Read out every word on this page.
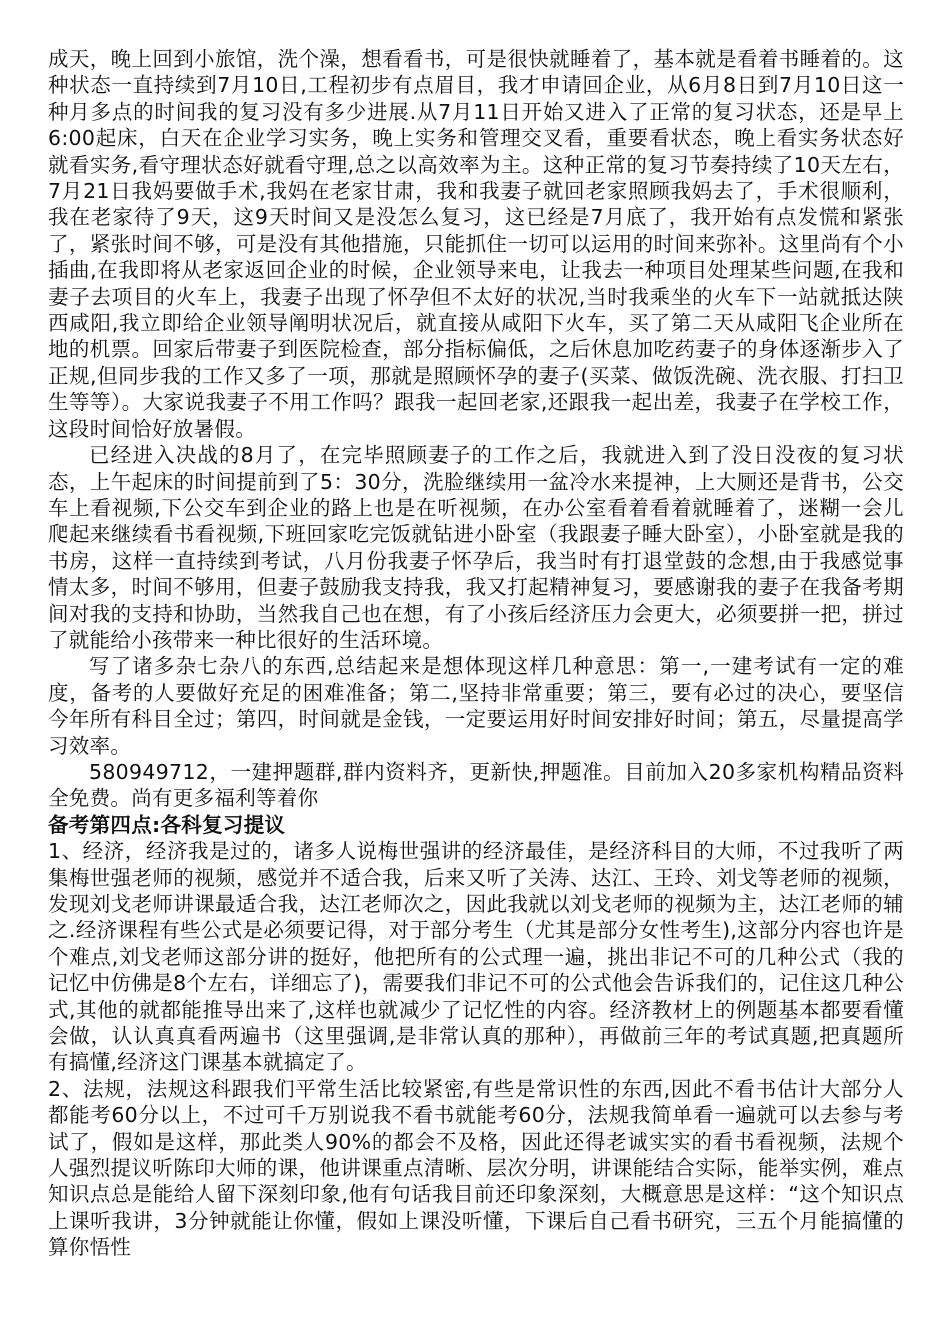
成天，晚上回到小旅馆，洗个澡，想看看书，可是很快就睡着了，基本就是看着书睡着的。这种状态一直持续到7月10日,工程初步有点眉目，我才申请回企业，从6月8日到7月10日这一种月多点的时间我的复习没有多少进展.从7月11日开始又进入了正常的复习状态，还是早上6:00起床，白天在企业学习实务，晚上实务和管理交叉看，重要看状态，晚上看实务状态好就看实务,看守理状态好就看守理,总之以高效率为主。这种正常的复习节奏持续了10天左右，7月21日我妈要做手术,我妈在老家甘肃，我和我妻子就回老家照顾我妈去了，手术很顺利，我在老家待了9天，这9天时间又是没怎么复习，这已经是7月底了，我开始有点发慌和紧张了，紧张时间不够，可是没有其他措施，只能抓住一切可以运用的时间来弥补。这里尚有个小插曲,在我即将从老家返回企业的时候，企业领导来电，让我去一种项目处理某些问题,在我和妻子去项目的火车上，我妻子出现了怀孕但不太好的状况,当时我乘坐的火车下一站就抵达陕西咸阳,我立即给企业领导阐明状况后，就直接从咸阳下火车，买了第二天从咸阳飞企业所在地的机票。回家后带妻子到医院检查，部分指标偏低，之后休息加吃药妻子的身体逐渐步入了正规,但同步我的工作又多了一项，那就是照顾怀孕的妻子(买菜、做饭洗碗、洗衣服、打扫卫生等等）。大家说我妻子不用工作吗？跟我一起回老家,还跟我一起出差，我妻子在学校工作，这段时间恰好放暑假。

已经进入决战的8月了，在完毕照顾妻子的工作之后，我就进入到了没日没夜的复习状态，上午起床的时间提前到了5：30分，洗脸继续用一盆冷水来提神，上大厕还是背书，公交车上看视频,下公交车到企业的路上也是在听视频，在办公室看着看着就睡着了，迷糊一会儿爬起来继续看书看视频,下班回家吃完饭就钻进小卧室（我跟妻子睡大卧室），小卧室就是我的书房，这样一直持续到考试，八月份我妻子怀孕后，我当时有打退堂鼓的念想,由于我感觉事情太多，时间不够用，但妻子鼓励我支持我，我又打起精神复习，要感谢我的妻子在我备考期间对我的支持和协助，当然我自己也在想，有了小孩后经济压力会更大，必须要拼一把，拼过了就能给小孩带来一种比很好的生活环境。

写了诸多杂七杂八的东西,总结起来是想体现这样几种意思：第一,一建考试有一定的难度，备考的人要做好充足的困难准备；第二,坚持非常重要；第三，要有必过的决心，要坚信今年所有科目全过；第四，时间就是金钱，一定要运用好时间安排好时间；第五，尽量提高学习效率。

580949712，一建押题群,群内资料齐，更新快,押题准。目前加入20多家机构精品资料全免费。尚有更多福利等着你

备考第四点:各科复习提议

1、经济，经济我是过的，诸多人说梅世强讲的经济最佳，是经济科目的大师，不过我听了两集梅世强老师的视频，感觉并不适合我，后来又听了关涛、达江、王玲、刘戈等老师的视频，发现刘戈老师讲课最适合我，达江老师次之，因此我就以刘戈老师的视频为主，达江老师的辅之.经济课程有些公式是必须要记得，对于部分考生（尤其是部分女性考生),这部分内容也许是个难点,刘戈老师这部分讲的挺好，他把所有的公式理一遍，挑出非记不可的几种公式（我的记忆中仿佛是8个左右，详细忘了)，需要我们非记不可的公式他会告诉我们的，记住这几种公式,其他的就都能推导出来了,这样也就减少了记忆性的内容。经济教材上的例题基本都要看懂会做，认认真真看两遍书（这里强调,是非常认真的那种），再做前三年的考试真题,把真题所有搞懂,经济这门课基本就搞定了。

2、法规，法规这科跟我们平常生活比较紧密,有些是常识性的东西,因此不看书估计大部分人都能考60分以上，不过可千万别说我不看书就能考60分，法规我简单看一遍就可以去参与考试了，假如是这样，那此类人90%的都会不及格，因此还得老诚实实的看书看视频，法规个人强烈提议听陈印大师的课，他讲课重点清晰、层次分明，讲课能结合实际，能举实例，难点知识点总是能给人留下深刻印象,他有句话我目前还印象深刻，大概意思是这样：“这个知识点上课听我讲，3分钟就能让你懂，假如上课没听懂，下课后自己看书研究，三五个月能搞懂的算你悟性
